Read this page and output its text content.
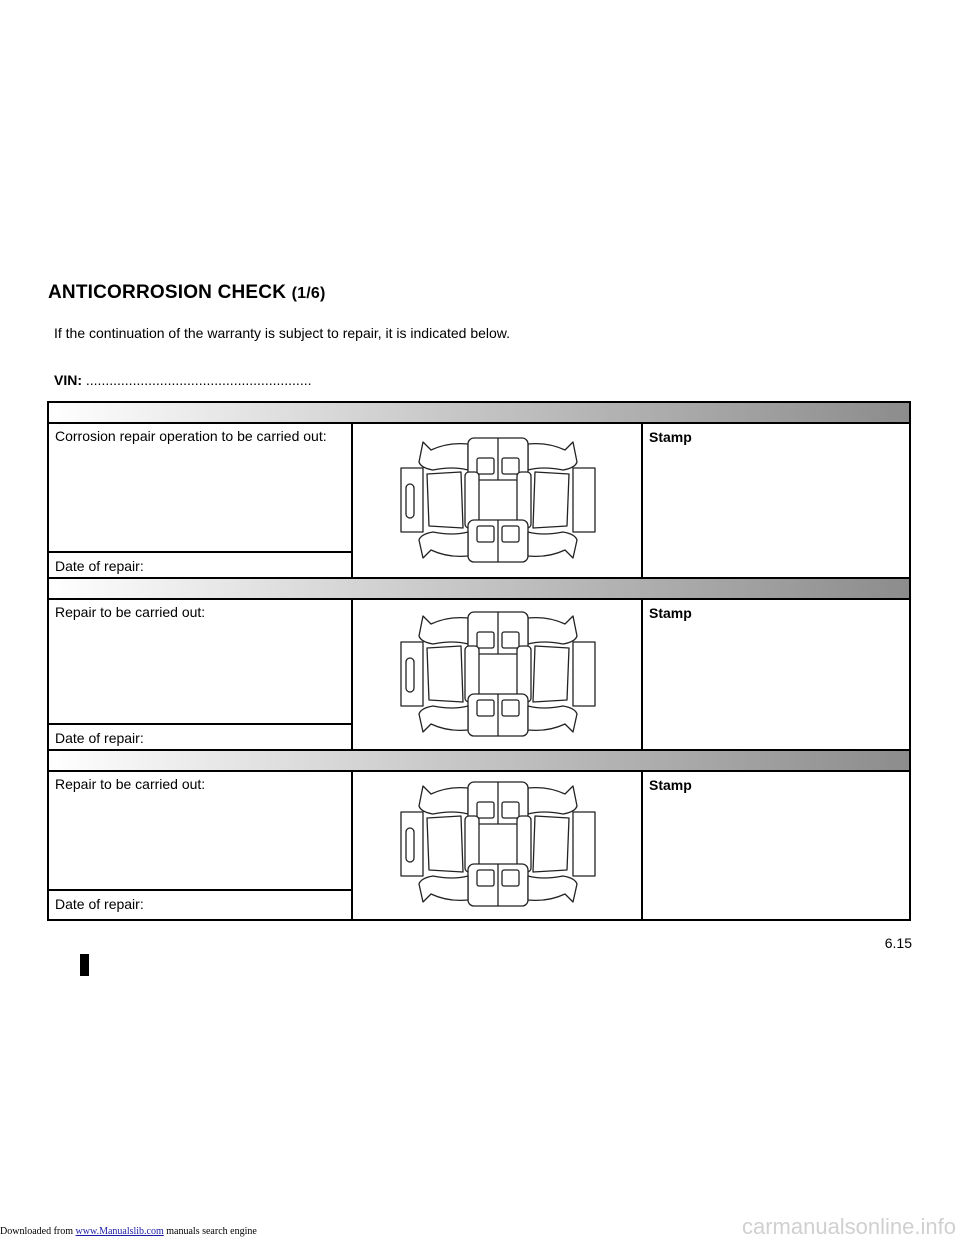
ANTICORROSION CHECK (1/6)
If the continuation of the warranty is subject to repair, it is indicated below.
VIN: ..........................................................
Corrosion repair operation to be carried out:
Date of repair:
Stamp
Repair to be carried out:
Date of repair:
Stamp
Repair to be carried out:
Date of repair:
Stamp
6.15
Downloaded from www.Manualslib.com manuals search engine	carmanualsonline.info
